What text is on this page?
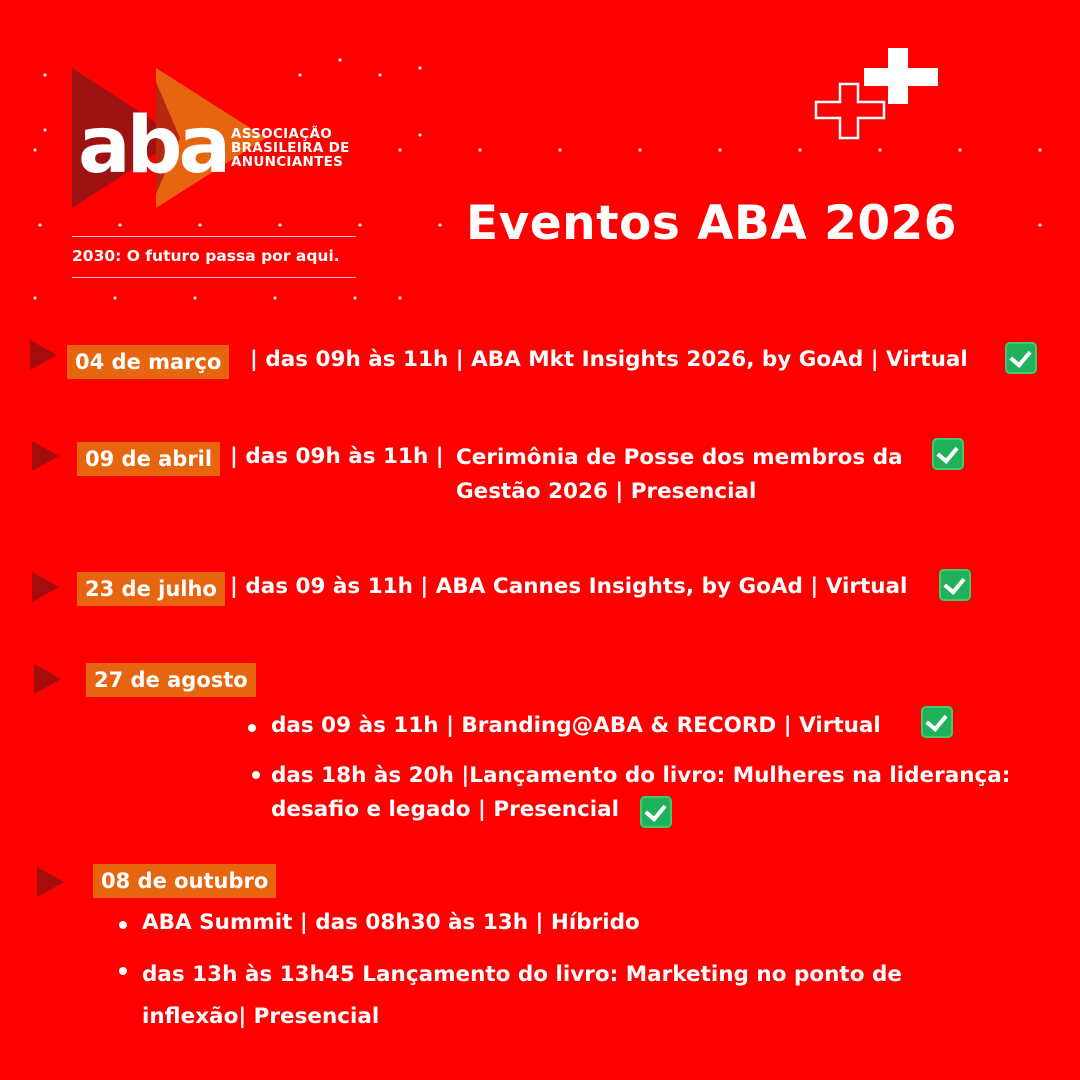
aba ASSOCIAÇÃO
BRASILEIRA DE
ANUNCIANTES
2030: O futuro passa por aqui.
Eventos ABA 2026
04 de março	| das 09h às 11h | ABA Mkt Insights 2026, by GoAd | Virtual
09 de abril | das 09h às 11h | Cerimônia de Posse dos membros da Gestão 2026 | Presencial
23 de julho | das 09 às 11h | ABA Cannes Insights, by GoAd | Virtual
27 de agosto
das 09 às 11h | Branding@ABA & RECORD | Virtual
das 18h às 20h |Lançamento do livro: Mulheres na liderança: desafio e legado | Presencial
08 de outubro
ABA Summit | das 08h30 às 13h | Híbrido
das 13h às 13h45 Lançamento do livro: Marketing no ponto de inflexão| Presencial
